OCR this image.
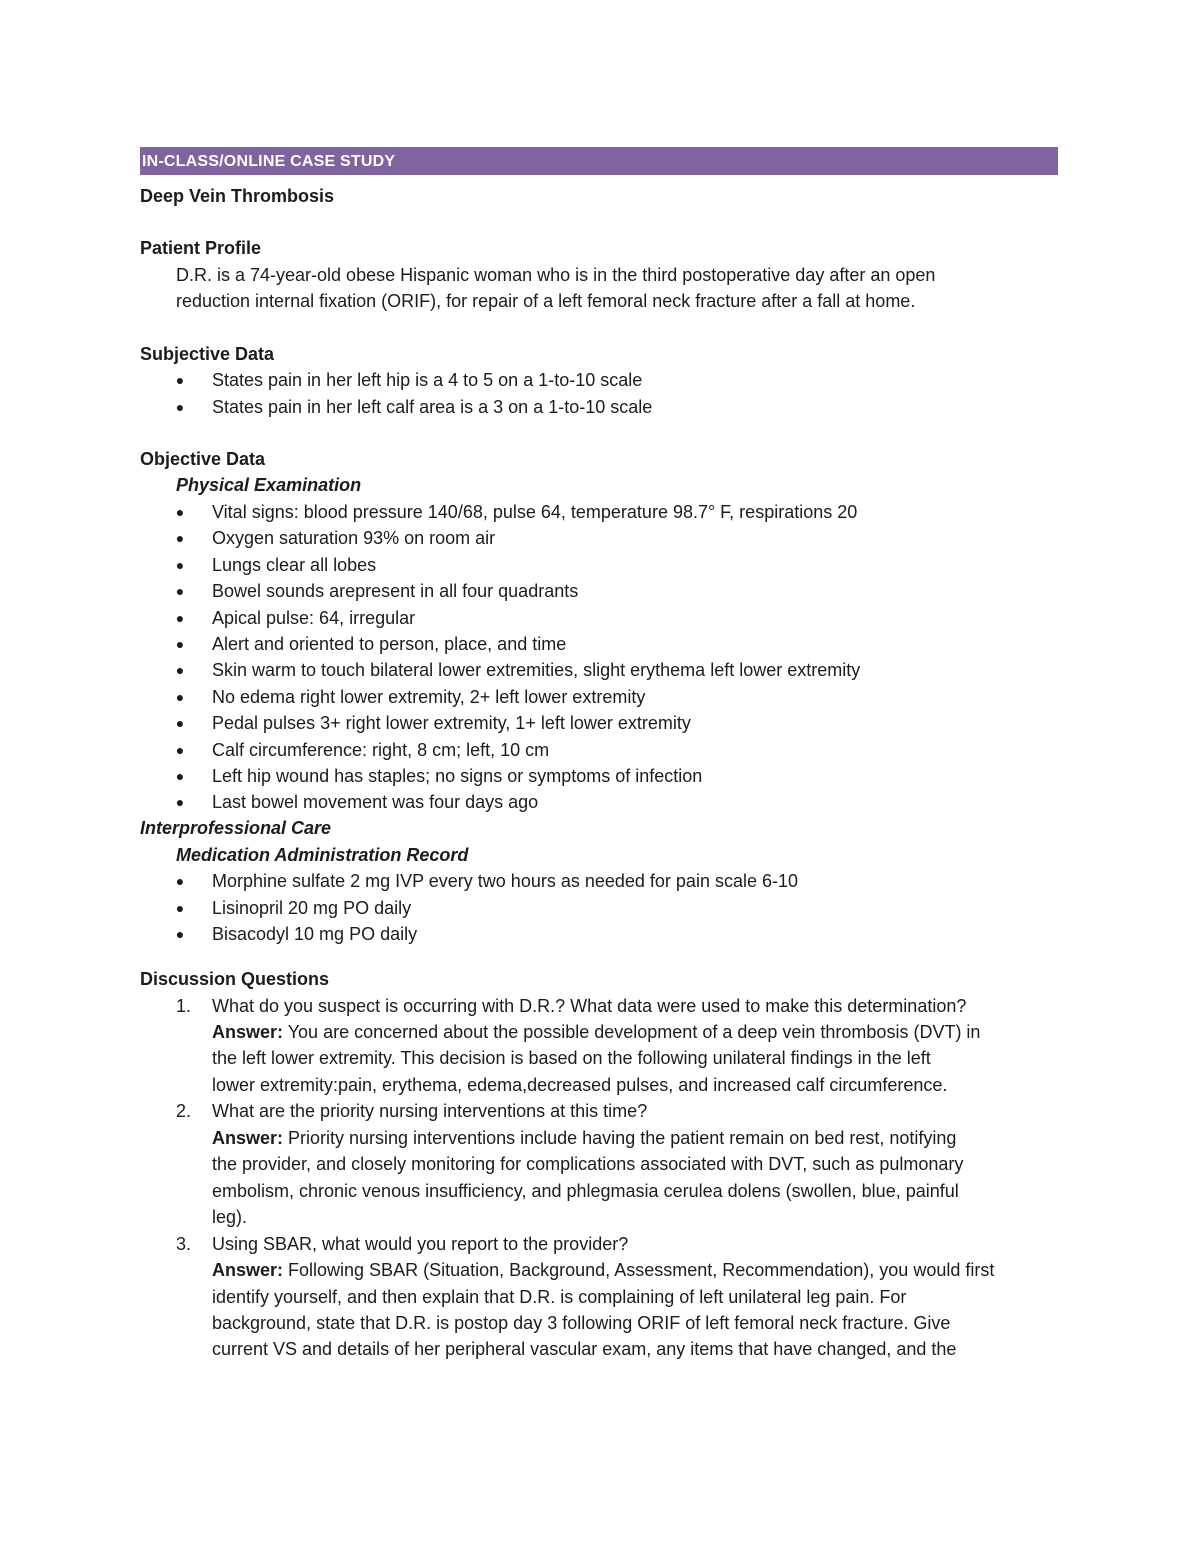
IN-CLASS/ONLINE CASE STUDY
Deep Vein Thrombosis
Patient Profile
D.R. is a 74-year-old obese Hispanic woman who is in the third postoperative day after an open
reduction internal fixation (ORIF), for repair of a left femoral neck fracture after a fall at home.
Subjective Data
● States pain in her left hip is a 4 to 5 on a 1-to-10 scale
● States pain in her left calf area is a 3 on a 1-to-10 scale
Objective Data
Physical Examination
● Vital signs: blood pressure 140/68, pulse 64, temperature 98.7° F, respirations 20
● Oxygen saturation 93% on room air
● Lungs clear all lobes
● Bowel sounds arepresent in all four quadrants
● Apical pulse: 64, irregular
● Alert and oriented to person, place, and time
● Skin warm to touch bilateral lower extremities, slight erythema left lower extremity
● No edema right lower extremity, 2+ left lower extremity
● Pedal pulses 3+ right lower extremity, 1+ left lower extremity
● Calf circumference: right, 8 cm; left, 10 cm
● Left hip wound has staples; no signs or symptoms of infection
● Last bowel movement was four days ago
Interprofessional Care
Medication Administration Record
● Morphine sulfate 2 mg IVP every two hours as needed for pain scale 6-10
● Lisinopril 20 mg PO daily
● Bisacodyl 10 mg PO daily
Discussion Questions
1. What do you suspect is occurring with D.R.? What data were used to make this determination?
Answer: You are concerned about the possible development of a deep vein thrombosis (DVT) in
the left lower extremity. This decision is based on the following unilateral findings in the left
lower extremity:pain, erythema, edema,decreased pulses, and increased calf circumference.
2. What are the priority nursing interventions at this time?
Answer: Priority nursing interventions include having the patient remain on bed rest, notifying
the provider, and closely monitoring for complications associated with DVT, such as pulmonary
embolism, chronic venous insufficiency, and phlegmasia cerulea dolens (swollen, blue, painful
leg).
3. Using SBAR, what would you report to the provider?
Answer: Following SBAR (Situation, Background, Assessment, Recommendation), you would first
identify yourself, and then explain that D.R. is complaining of left unilateral leg pain. For
background, state that D.R. is postop day 3 following ORIF of left femoral neck fracture. Give
current VS and details of her peripheral vascular exam, any items that have changed, and the
